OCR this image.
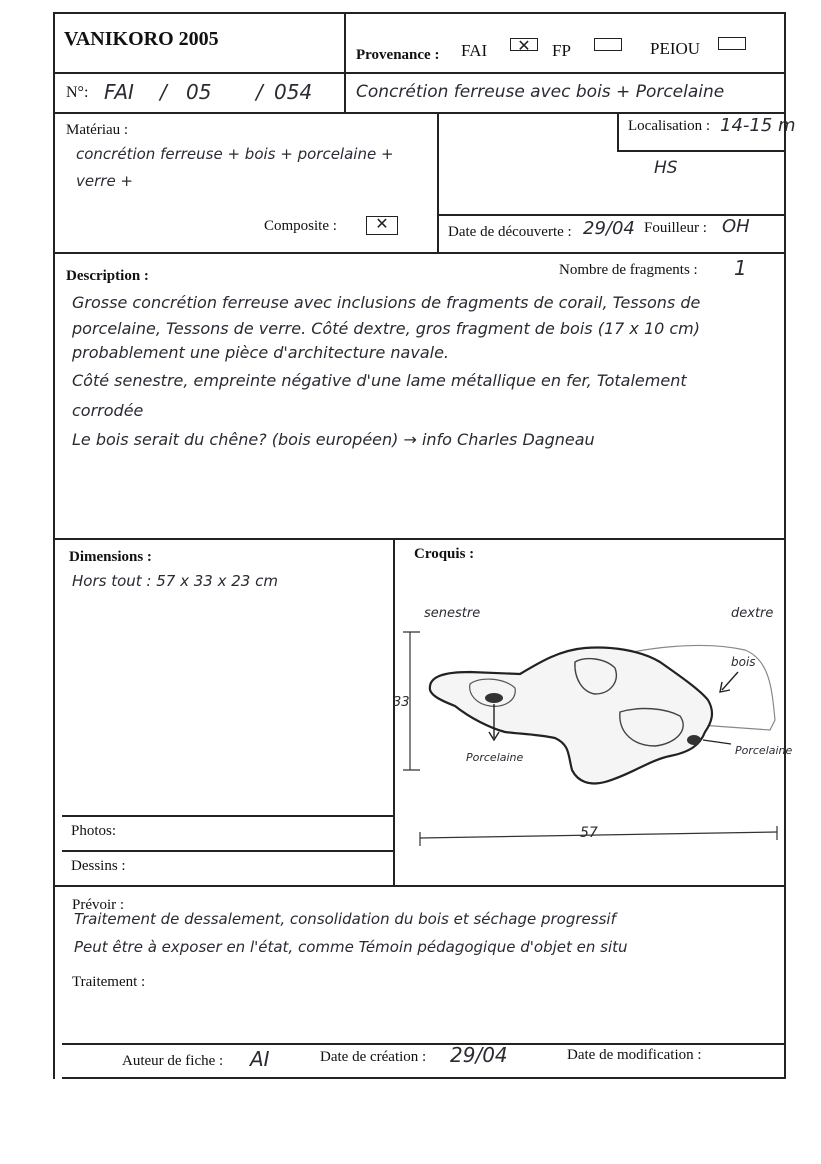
VANIKORO 2005
Provenance : FAI
✕	FP	PEIOU
N°: FAI / 05 / 054	Concrétion ferreuse avec bois + Porcelaine
Matériau :
concrétion ferreuse + bois + porcelaine +
verre +
Composite :
✕
Localisation : 14-15 m
HS
Date de découverte : 29/04 Fouilleur : OH
Description :	Nombre de fragments : 1
Grosse concrétion ferreuse avec inclusions de fragments de corail, Tessons de
porcelaine, Tessons de verre. Côté dextre, gros fragment de bois (17 x 10 cm)
probablement une pièce d'architecture navale.
Côté senestre, empreinte négative d'une lame métallique en fer, Totalement
corrodée
Le bois serait du chêne? (bois européen) → info Charles Dagneau
Dimensions :
Hors tout : 57 x 33 x 23 cm
Croquis :
senestre	dextre
bois
Porcelaine
Porcelaine
33
57
Photos:
Dessins :
Prévoir :
Traitement de dessalement, consolidation du bois et séchage progressif
Peut être à exposer en l'état, comme Témoin pédagogique d'objet en situ
Traitement :
Auteur de fiche : AI	Date de création : 29/04	Date de modification :
